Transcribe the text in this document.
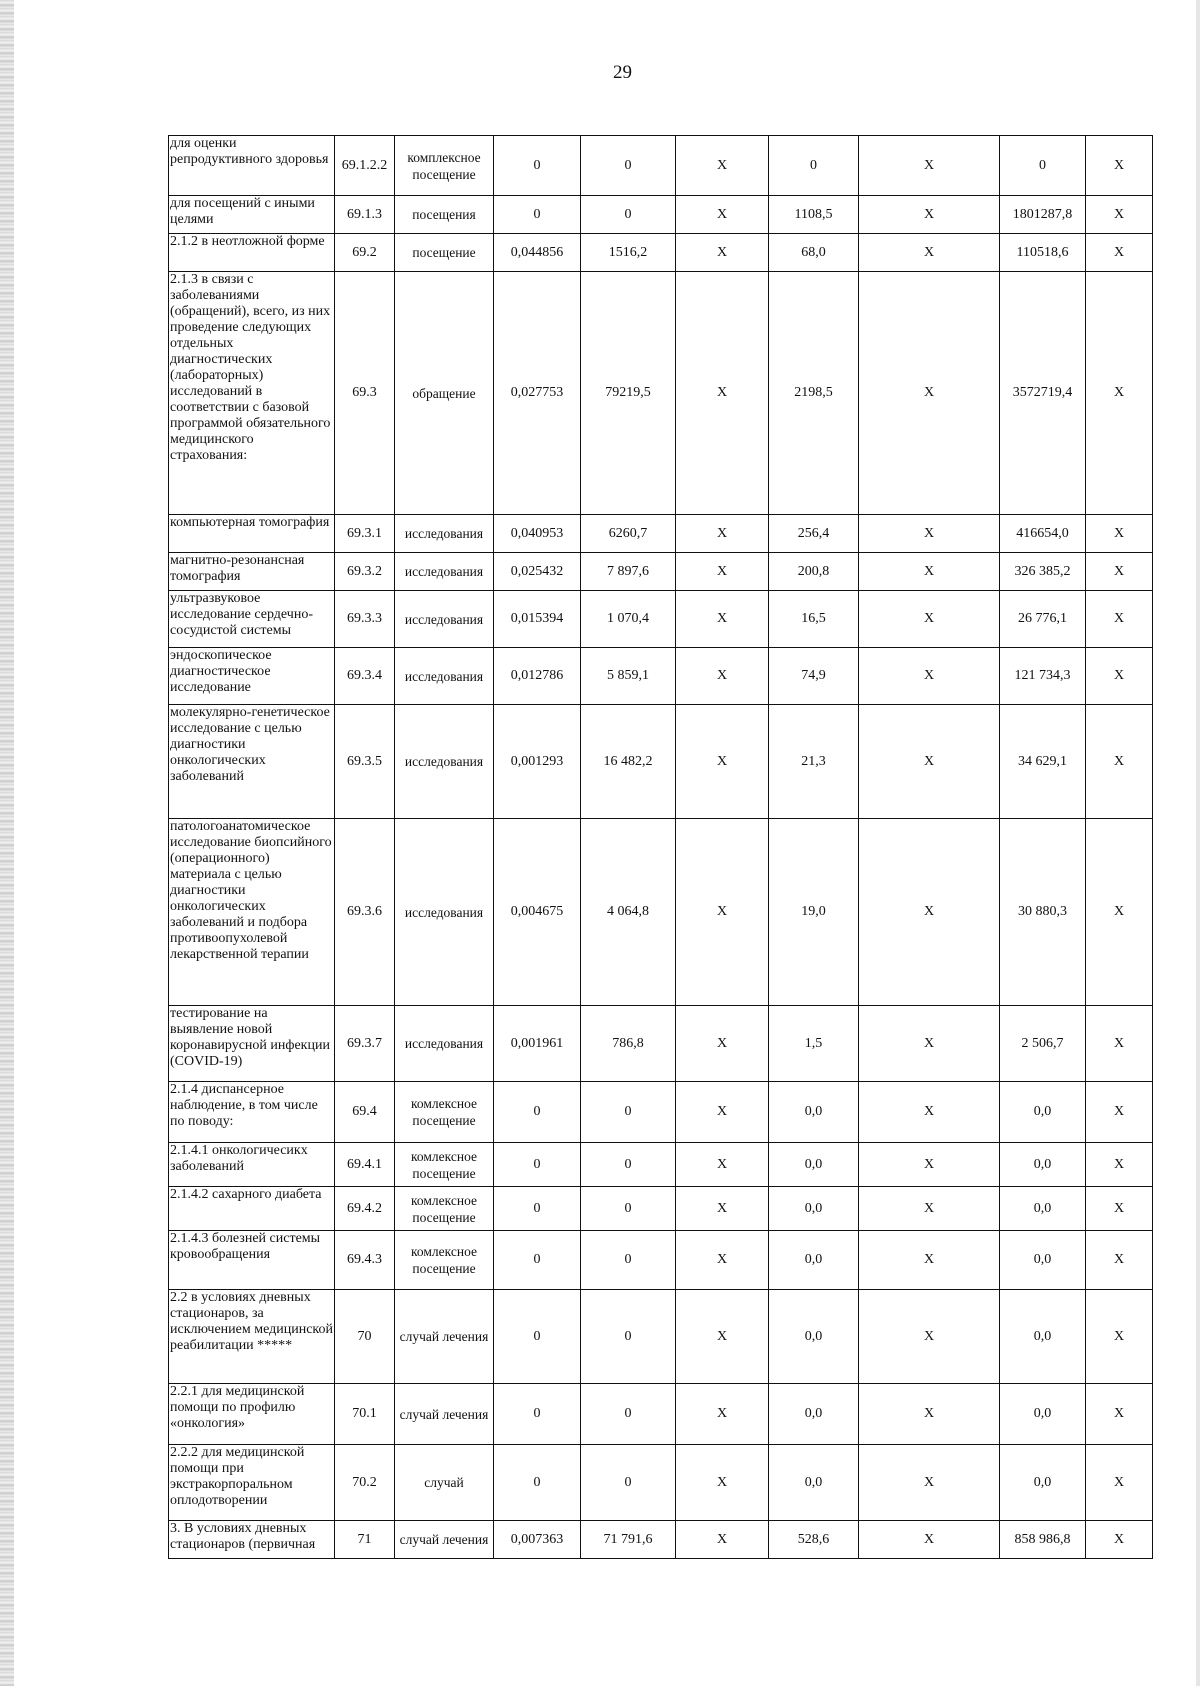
29
для оценки репродуктивного здоровья	69.1.2.2	комплексное посещение	0	0	Х	0	Х	0	Х
для посещений с иными целями	69.1.3	посещения	0	0	Х	1108,5	Х	1801287,8	Х
2.1.2 в неотложной форме	69.2	посещение	0,044856	1516,2	Х	68,0	Х	110518,6	Х
2.1.3 в связи с заболеваниями (обращений), всего, из них проведение следующих отдельных диагностических (лабораторных) исследований в соответствии с базовой программой обязательного медицинского страхования:	69.3	обращение	0,027753	79219,5	Х	2198,5	Х	3572719,4	Х
компьютерная томография	69.3.1	исследования	0,040953	6260,7	Х	256,4	Х	416654,0	Х
магнитно-резонансная томография	69.3.2	исследования	0,025432	7 897,6	Х	200,8	Х	326 385,2	Х
ультразвуковое исследование сердечно-сосудистой системы	69.3.3	исследования	0,015394	1 070,4	Х	16,5	Х	26 776,1	Х
эндоскопическое диагностическое исследование	69.3.4	исследования	0,012786	5 859,1	Х	74,9	Х	121 734,3	Х
молекулярно-генетическое исследование с целью диагностики онкологических заболеваний	69.3.5	исследования	0,001293	16 482,2	Х	21,3	Х	34 629,1	Х
патологоанатомическое исследование биопсийного (операционного) материала с целью диагностики онкологических заболеваний и подбора противоопухолевой лекарственной терапии	69.3.6	исследования	0,004675	4 064,8	Х	19,0	Х	30 880,3	Х
тестирование на выявление новой коронавирусной инфекции (COVID-19)	69.3.7	исследования	0,001961	786,8	Х	1,5	Х	2 506,7	Х
2.1.4 диспансерное наблюдение, в том числе по поводу:	69.4	комлексное посещение	0	0	Х	0,0	Х	0,0	Х
2.1.4.1 онкологичесикх заболеваний	69.4.1	комлексное посещение	0	0	Х	0,0	Х	0,0	Х
2.1.4.2 сахарного диабета	69.4.2	комлексное посещение	0	0	Х	0,0	Х	0,0	Х
2.1.4.3 болезней системы кровообращения	69.4.3	комлексное посещение	0	0	Х	0,0	Х	0,0	Х
2.2 в условиях дневных стационаров, за исключением медицинской реабилитации *****	70	случай лечения	0	0	Х	0,0	Х	0,0	Х
2.2.1 для медицинской помощи по профилю «онкология»	70.1	случай лечения	0	0	Х	0,0	Х	0,0	Х
2.2.2 для медицинской помощи при экстракорпоральном оплодотворении	70.2	случай	0	0	Х	0,0	Х	0,0	Х
3. В условиях дневных стационаров (первичная	71	случай лечения	0,007363	71 791,6	Х	528,6	Х	858 986,8	Х
